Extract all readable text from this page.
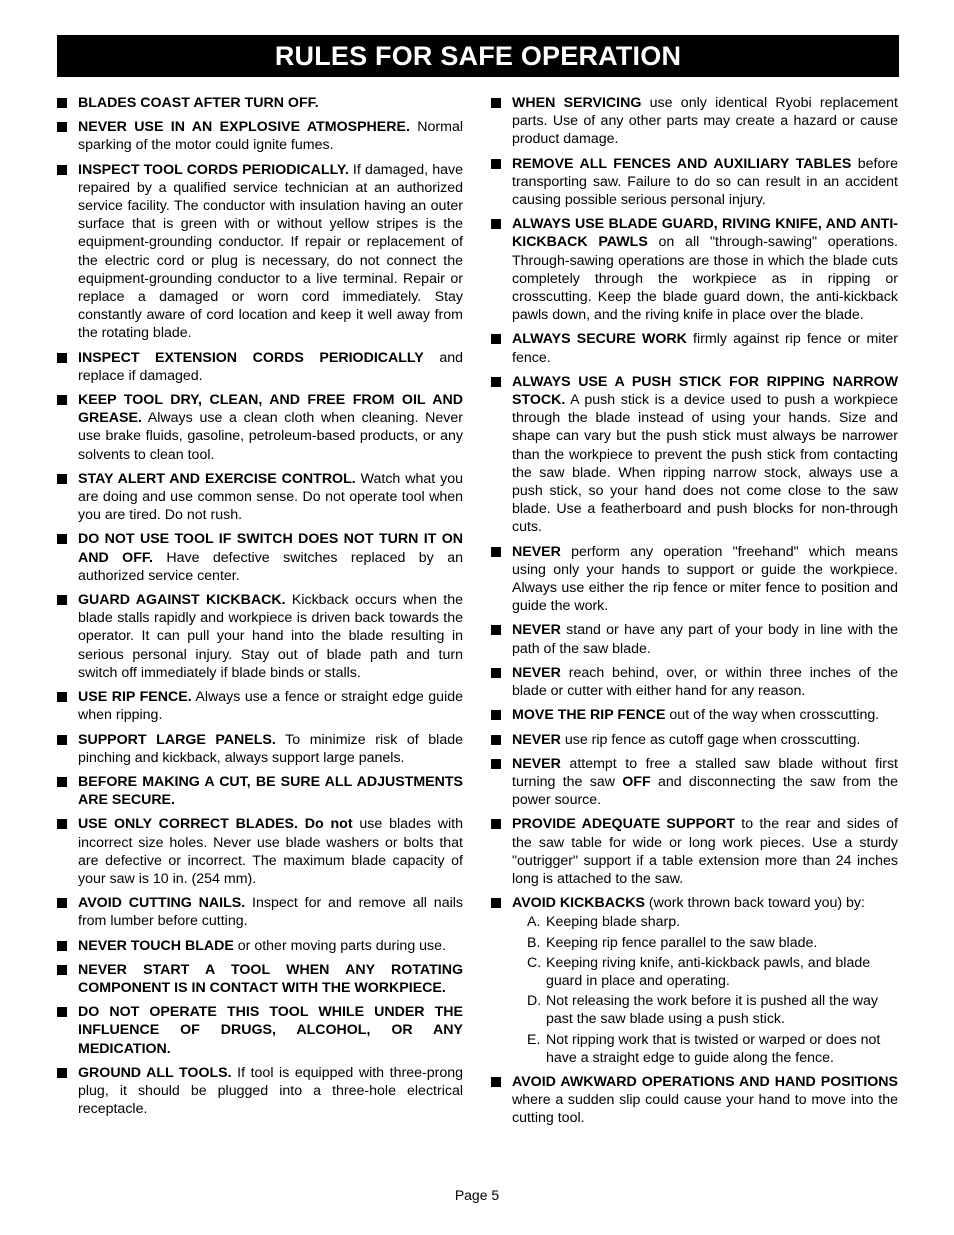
RULES FOR SAFE OPERATION
BLADES COAST AFTER TURN OFF.
NEVER USE IN AN EXPLOSIVE ATMOSPHERE. Normal sparking of the motor could ignite fumes.
INSPECT TOOL CORDS PERIODICALLY. If damaged, have repaired by a qualified service technician at an authorized service facility. The conductor with insulation having an outer surface that is green with or without yellow stripes is the equipment-grounding conductor. If repair or replacement of the electric cord or plug is necessary, do not connect the equipment-grounding conductor to a live terminal. Repair or replace a damaged or worn cord immediately. Stay constantly aware of cord location and keep it well away from the rotating blade.
INSPECT EXTENSION CORDS PERIODICALLY and replace if damaged.
KEEP TOOL DRY, CLEAN, AND FREE FROM OIL AND GREASE. Always use a clean cloth when cleaning. Never use brake fluids, gasoline, petroleum-based products, or any solvents to clean tool.
STAY ALERT AND EXERCISE CONTROL. Watch what you are doing and use common sense. Do not operate tool when you are tired. Do not rush.
DO NOT USE TOOL IF SWITCH DOES NOT TURN IT ON AND OFF. Have defective switches replaced by an authorized service center.
GUARD AGAINST KICKBACK. Kickback occurs when the blade stalls rapidly and workpiece is driven back towards the operator. It can pull your hand into the blade resulting in serious personal injury. Stay out of blade path and turn switch off immediately if blade binds or stalls.
USE RIP FENCE. Always use a fence or straight edge guide when ripping.
SUPPORT LARGE PANELS. To minimize risk of blade pinching and kickback, always support large panels.
BEFORE MAKING A CUT, BE SURE ALL ADJUSTMENTS ARE SECURE.
USE ONLY CORRECT BLADES. Do not use blades with incorrect size holes. Never use blade washers or bolts that are defective or incorrect. The maximum blade capacity of your saw is 10 in. (254 mm).
AVOID CUTTING NAILS. Inspect for and remove all nails from lumber before cutting.
NEVER TOUCH BLADE or other moving parts during use.
NEVER START A TOOL WHEN ANY ROTATING COMPONENT IS IN CONTACT WITH THE WORKPIECE.
DO NOT OPERATE THIS TOOL WHILE UNDER THE INFLUENCE OF DRUGS, ALCOHOL, OR ANY MEDICATION.
GROUND ALL TOOLS. If tool is equipped with three-prong plug, it should be plugged into a three-hole electrical receptacle.
WHEN SERVICING use only identical Ryobi replacement parts. Use of any other parts may create a hazard or cause product damage.
REMOVE ALL FENCES AND AUXILIARY TABLES before transporting saw. Failure to do so can result in an accident causing possible serious personal injury.
ALWAYS USE BLADE GUARD, RIVING KNIFE, AND ANTI-KICKBACK PAWLS on all "through-sawing" operations. Through-sawing operations are those in which the blade cuts completely through the workpiece as in ripping or crosscutting. Keep the blade guard down, the anti-kickback pawls down, and the riving knife in place over the blade.
ALWAYS SECURE WORK firmly against rip fence or miter fence.
ALWAYS USE A PUSH STICK FOR RIPPING NARROW STOCK. A push stick is a device used to push a workpiece through the blade instead of using your hands. Size and shape can vary but the push stick must always be narrower than the workpiece to prevent the push stick from contacting the saw blade. When ripping narrow stock, always use a push stick, so your hand does not come close to the saw blade. Use a featherboard and push blocks for non-through cuts.
NEVER perform any operation "freehand" which means using only your hands to support or guide the workpiece. Always use either the rip fence or miter fence to position and guide the work.
NEVER stand or have any part of your body in line with the path of the saw blade.
NEVER reach behind, over, or within three inches of the blade or cutter with either hand for any reason.
MOVE THE RIP FENCE out of the way when crosscutting.
NEVER use rip fence as cutoff gage when crosscutting.
NEVER attempt to free a stalled saw blade without first turning the saw OFF and disconnecting the saw from the power source.
PROVIDE ADEQUATE SUPPORT to the rear and sides of the saw table for wide or long work pieces. Use a sturdy "outrigger" support if a table extension more than 24 inches long is attached to the saw.
AVOID KICKBACKS (work thrown back toward you) by:
A. Keeping blade sharp.
B. Keeping rip fence parallel to the saw blade.
C. Keeping riving knife, anti-kickback pawls, and blade guard in place and operating.
D. Not releasing the work before it is pushed all the way past the saw blade using a push stick.
E. Not ripping work that is twisted or warped or does not have a straight edge to guide along the fence.
AVOID AWKWARD OPERATIONS AND HAND POSITIONS where a sudden slip could cause your hand to move into the cutting tool.
Page 5
